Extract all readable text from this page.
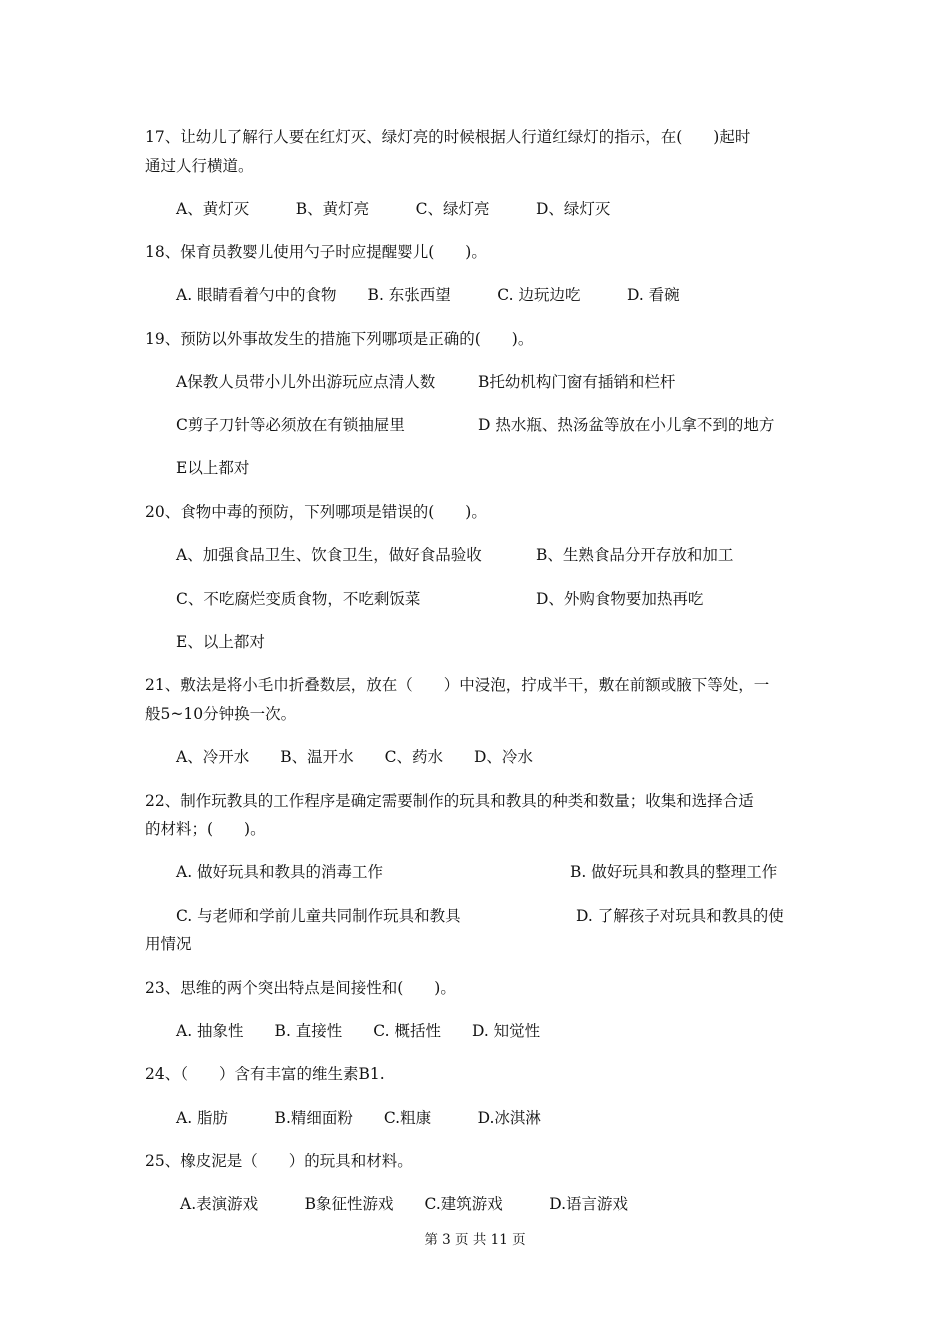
17、让幼儿了解行人要在红灯灭、绿灯亮的时候根据人行道红绿灯的指示，在(　　)起时
通过人行横道。
A、黄灯灭　　　B、黄灯亮　　　C、绿灯亮　　　D、绿灯灭
18、保育员教婴儿使用勺子时应提醒婴儿(　　)。
A. 眼睛看着勺中的食物　　B. 东张西望　　　C. 边玩边吃　　　D. 看碗
19、预防以外事故发生的措施下列哪项是正确的(　　)。
A保教人员带小儿外出游玩应点清人数	B托幼机构门窗有插销和栏杆
C剪子刀针等必须放在有锁抽屉里	D 热水瓶、热汤盆等放在小儿拿不到的地方
E以上都对
20、食物中毒的预防，下列哪项是错误的(　　)。
A、加强食品卫生、饮食卫生，做好食品验收	B、生熟食品分开存放和加工
C、不吃腐烂变质食物，不吃剩饭菜	D、外购食物要加热再吃
E、以上都对
21、敷法是将小毛巾折叠数层，放在（　　）中浸泡，拧成半干，敷在前额或腋下等处，一
般5~10分钟换一次。
A、冷开水　　B、温开水　　C、药水　　D、冷水
22、制作玩教具的工作程序是确定需要制作的玩具和教具的种类和数量；收集和选择合适
的材料；(　　)。
A. 做好玩具和教具的消毒工作	B. 做好玩具和教具的整理工作
C. 与老师和学前儿童共同制作玩具和教具	D. 了解孩子对玩具和教具的使
用情况
23、思维的两个突出特点是间接性和(　　)。
A. 抽象性　　B. 直接性　　C. 概括性　　D. 知觉性
24、（　　）含有丰富的维生素B1.
A. 脂肪　　　B.精细面粉　　C.粗康　　　D.冰淇淋
25、橡皮泥是（　　）的玩具和材料。
A.表演游戏　　　B象征性游戏　　C.建筑游戏　　　D.语言游戏
第 3 页 共 11 页
